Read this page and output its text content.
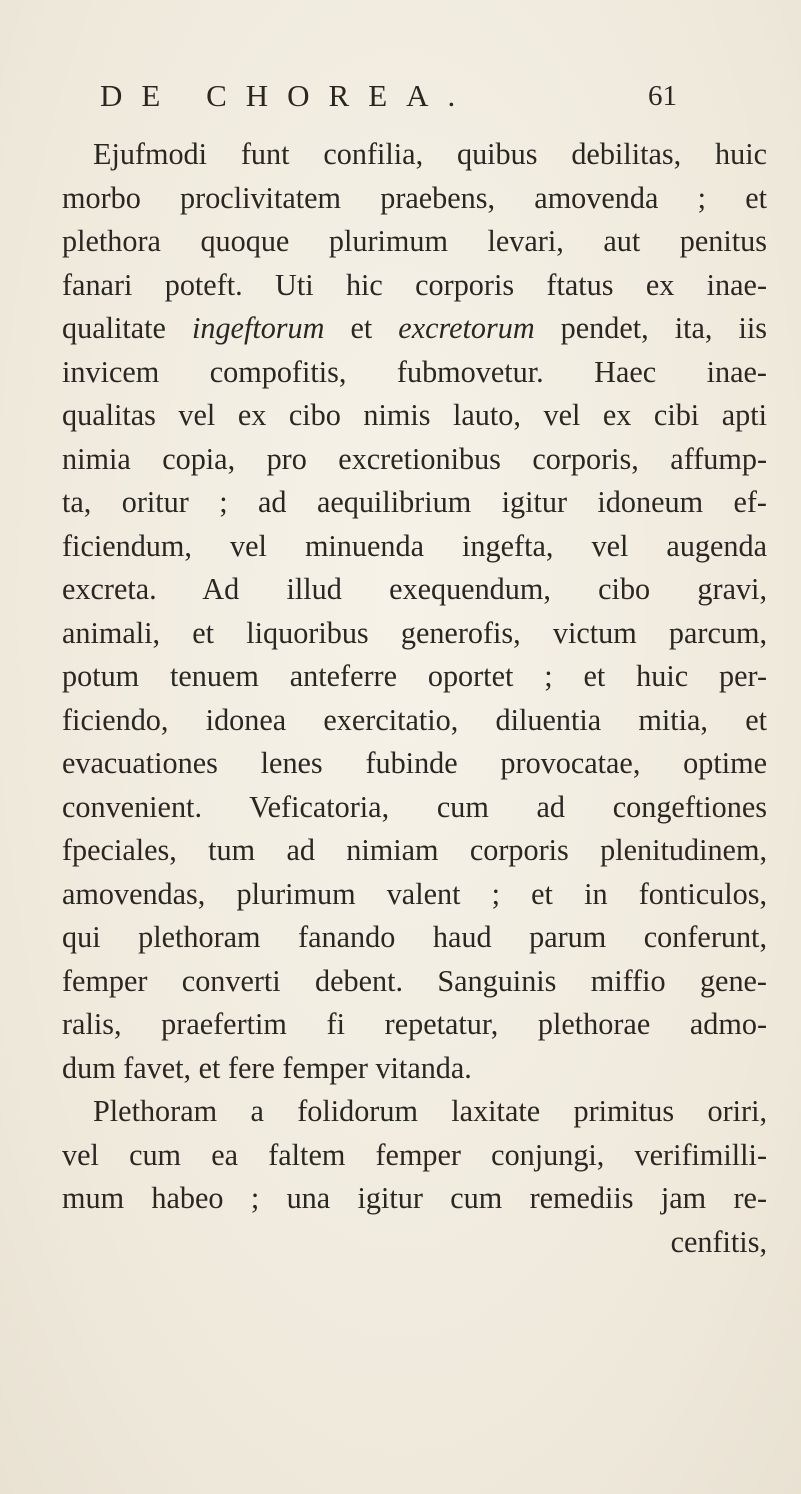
DE CHOREA.	61
Ejufmodi funt confilia, quibus debilitas, huic
morbo proclivitatem praebens, amovenda ; et
plethora quoque plurimum levari, aut penitus
fanari poteft. Uti hic corporis ftatus ex inae-
qualitate ingeftorum et excretorum pendet, ita, iis
invicem compofitis, fubmovetur. Haec inae-
qualitas vel ex cibo nimis lauto, vel ex cibi apti
nimia copia, pro excretionibus corporis, affump-
ta, oritur ; ad aequilibrium igitur idoneum ef-
ficiendum, vel minuenda ingefta, vel augenda
excreta. Ad illud exequendum, cibo gravi,
animali, et liquoribus generofis, victum parcum,
potum tenuem anteferre oportet ; et huic per-
ficiendo, idonea exercitatio, diluentia mitia, et
evacuationes lenes fubinde provocatae, optime
convenient. Veficatoria, cum ad congeftiones
fpeciales, tum ad nimiam corporis plenitudinem,
amovendas, plurimum valent ; et in fonticulos,
qui plethoram fanando haud parum conferunt,
femper converti debent. Sanguinis miffio gene-
ralis, praefertim fi repetatur, plethorae admo-
dum favet, et fere femper vitanda.
Plethoram a folidorum laxitate primitus oriri,
vel cum ea faltem femper conjungi, verifimilli-
mum habeo ; una igitur cum remediis jam re-
cenfitis,
